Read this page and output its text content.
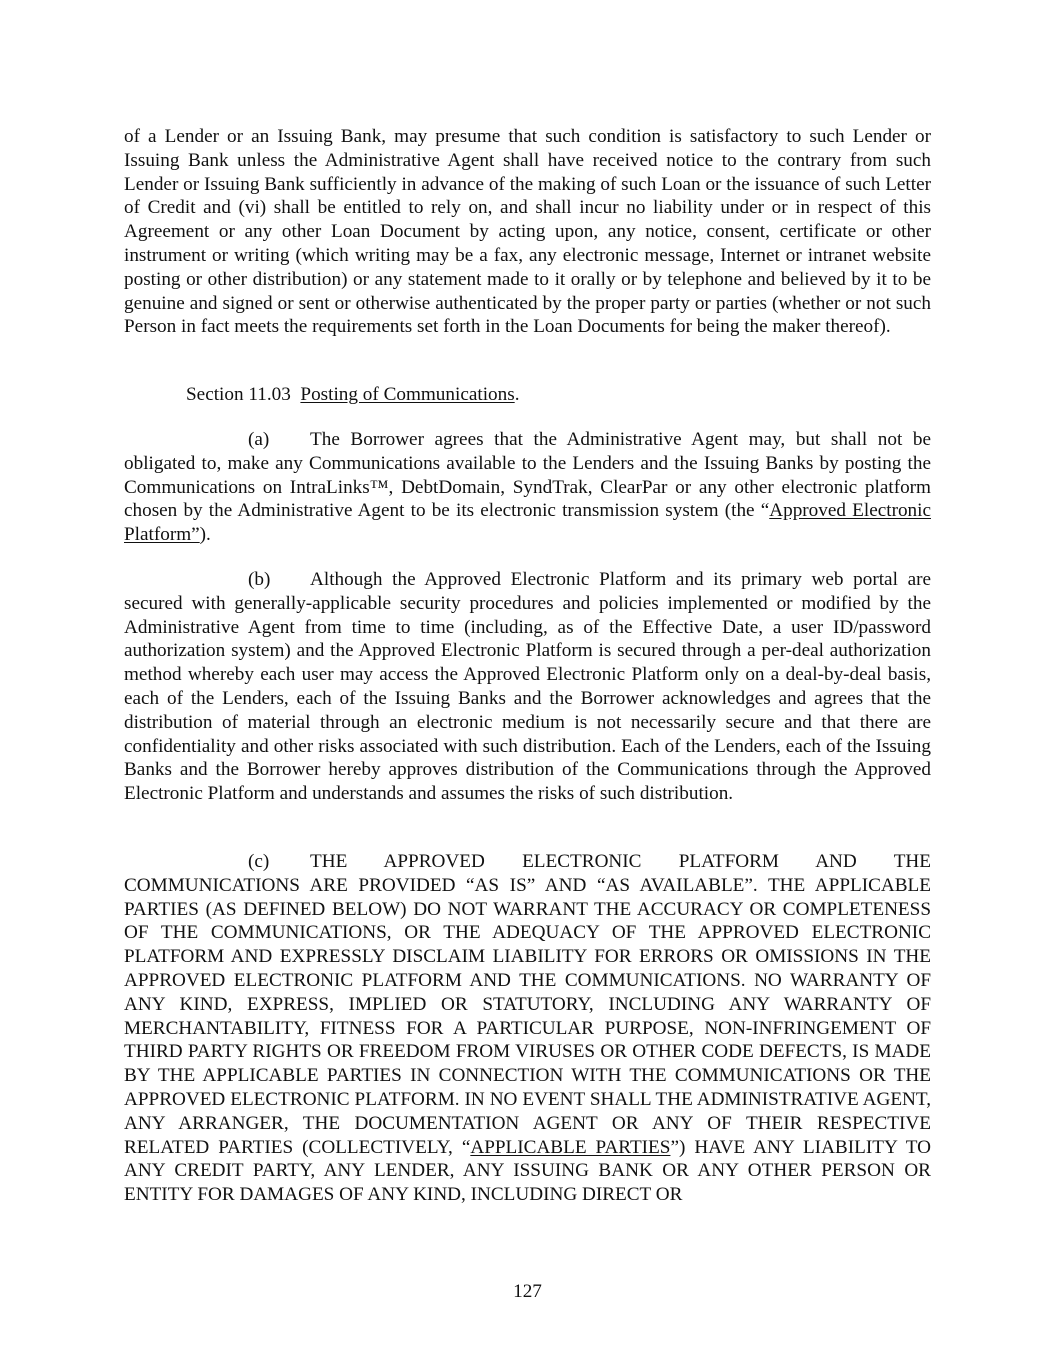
of a Lender or an Issuing Bank, may presume that such condition is satisfactory to such Lender or Issuing Bank unless the Administrative Agent shall have received notice to the contrary from such Lender or Issuing Bank sufficiently in advance of the making of such Loan or the issuance of such Letter of Credit and (vi) shall be entitled to rely on, and shall incur no liability under or in respect of this Agreement or any other Loan Document by acting upon, any notice, consent, certificate or other instrument or writing (which writing may be a fax, any electronic message, Internet or intranet website posting or other distribution) or any statement made to it orally or by telephone and believed by it to be genuine and signed or sent or otherwise authenticated by the proper party or parties (whether or not such Person in fact meets the requirements set forth in the Loan Documents for being the maker thereof).

Section 11.03 Posting of Communications.

(a) The Borrower agrees that the Administrative Agent may, but shall not be obligated to, make any Communications available to the Lenders and the Issuing Banks by posting the Communications on IntraLinks™, DebtDomain, SyndTrak, ClearPar or any other electronic platform chosen by the Administrative Agent to be its electronic transmission system (the “Approved Electronic Platform”).

(b) Although the Approved Electronic Platform and its primary web portal are secured with generally-applicable security procedures and policies implemented or modified by the Administrative Agent from time to time (including, as of the Effective Date, a user ID/password authorization system) and the Approved Electronic Platform is secured through a per-deal authorization method whereby each user may access the Approved Electronic Platform only on a deal-by-deal basis, each of the Lenders, each of the Issuing Banks and the Borrower acknowledges and agrees that the distribution of material through an electronic medium is not necessarily secure and that there are confidentiality and other risks associated with such distribution. Each of the Lenders, each of the Issuing Banks and the Borrower hereby approves distribution of the Communications through the Approved Electronic Platform and understands and assumes the risks of such distribution.

(c) THE APPROVED ELECTRONIC PLATFORM AND THE COMMUNICATIONS ARE PROVIDED “AS IS” AND “AS AVAILABLE”. THE APPLICABLE PARTIES (AS DEFINED BELOW) DO NOT WARRANT THE ACCURACY OR COMPLETENESS OF THE COMMUNICATIONS, OR THE ADEQUACY OF THE APPROVED ELECTRONIC PLATFORM AND EXPRESSLY DISCLAIM LIABILITY FOR ERRORS OR OMISSIONS IN THE APPROVED ELECTRONIC PLATFORM AND THE COMMUNICATIONS. NO WARRANTY OF ANY KIND, EXPRESS, IMPLIED OR STATUTORY, INCLUDING ANY WARRANTY OF MERCHANTABILITY, FITNESS FOR A PARTICULAR PURPOSE, NON-INFRINGEMENT OF THIRD PARTY RIGHTS OR FREEDOM FROM VIRUSES OR OTHER CODE DEFECTS, IS MADE BY THE APPLICABLE PARTIES IN CONNECTION WITH THE COMMUNICATIONS OR THE APPROVED ELECTRONIC PLATFORM. IN NO EVENT SHALL THE ADMINISTRATIVE AGENT, ANY ARRANGER, THE DOCUMENTATION AGENT OR ANY OF THEIR RESPECTIVE RELATED PARTIES (COLLECTIVELY, “APPLICABLE PARTIES”) HAVE ANY LIABILITY TO ANY CREDIT PARTY, ANY LENDER, ANY ISSUING BANK OR ANY OTHER PERSON OR ENTITY FOR DAMAGES OF ANY KIND, INCLUDING DIRECT OR

127
